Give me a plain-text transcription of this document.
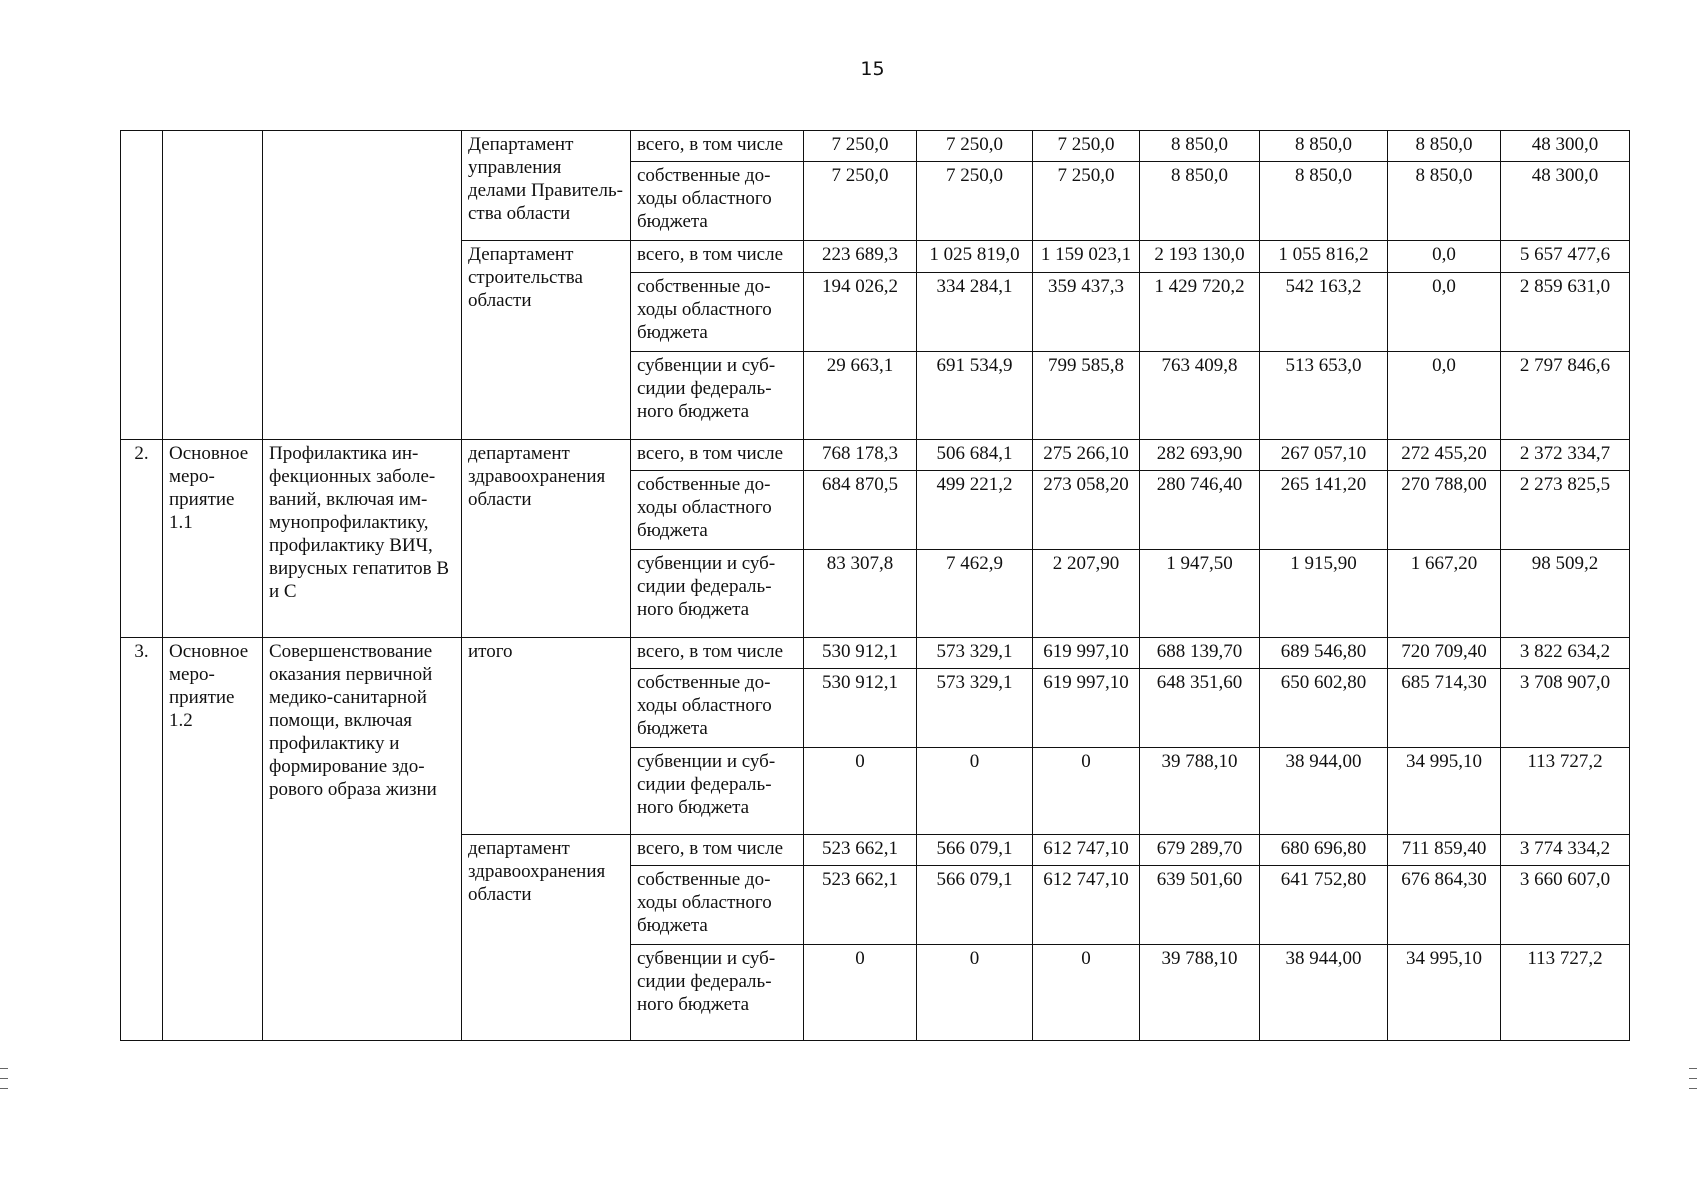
15
			Департамент управления делами Правитель-ства области	всего, в том числе	7 250,0	7 250,0	7 250,0	8 850,0	8 850,0	8 850,0	48 300,0
				собственные до-ходы областного бюджета	7 250,0	7 250,0	7 250,0	8 850,0	8 850,0	8 850,0	48 300,0
			Департамент строительства области	всего, в том числе	223 689,3	1 025 819,0	1 159 023,1	2 193 130,0	1 055 816,2	0,0	5 657 477,6
				собственные до-ходы областного бюджета	194 026,2	334 284,1	359 437,3	1 429 720,2	542 163,2	0,0	2 859 631,0
				субвенции и суб-сидии федераль-ного бюджета	29 663,1	691 534,9	799 585,8	763 409,8	513 653,0	0,0	2 797 846,6
2.	Основное меро-приятие 1.1	Профилактика ин-фекционных заболе-ваний, включая им-мунопрофилактику, профилактику ВИЧ, вирусных гепатитов В и С	департамент здравоохранения области	всего, в том числе	768 178,3	506 684,1	275 266,10	282 693,90	267 057,10	272 455,20	2 372 334,7
				собственные до-ходы областного бюджета	684 870,5	499 221,2	273 058,20	280 746,40	265 141,20	270 788,00	2 273 825,5
				субвенции и суб-сидии федераль-ного бюджета	83 307,8	7 462,9	2 207,90	1 947,50	1 915,90	1 667,20	98 509,2
3.	Основное меро-приятие 1.2	Совершенствование оказания первичной медико-санитарной помощи, включая профилактику и формирование здо-рового образа жизни	итого	всего, в том числе	530 912,1	573 329,1	619 997,10	688 139,70	689 546,80	720 709,40	3 822 634,2
				собственные до-ходы областного бюджета	530 912,1	573 329,1	619 997,10	648 351,60	650 602,80	685 714,30	3 708 907,0
				субвенции и суб-сидии федераль-ного бюджета	0	0	0	39 788,10	38 944,00	34 995,10	113 727,2
			департамент здравоохранения области	всего, в том числе	523 662,1	566 079,1	612 747,10	679 289,70	680 696,80	711 859,40	3 774 334,2
				собственные до-ходы областного бюджета	523 662,1	566 079,1	612 747,10	639 501,60	641 752,80	676 864,30	3 660 607,0
				субвенции и суб-сидии федераль-ного бюджета	0	0	0	39 788,10	38 944,00	34 995,10	113 727,2
